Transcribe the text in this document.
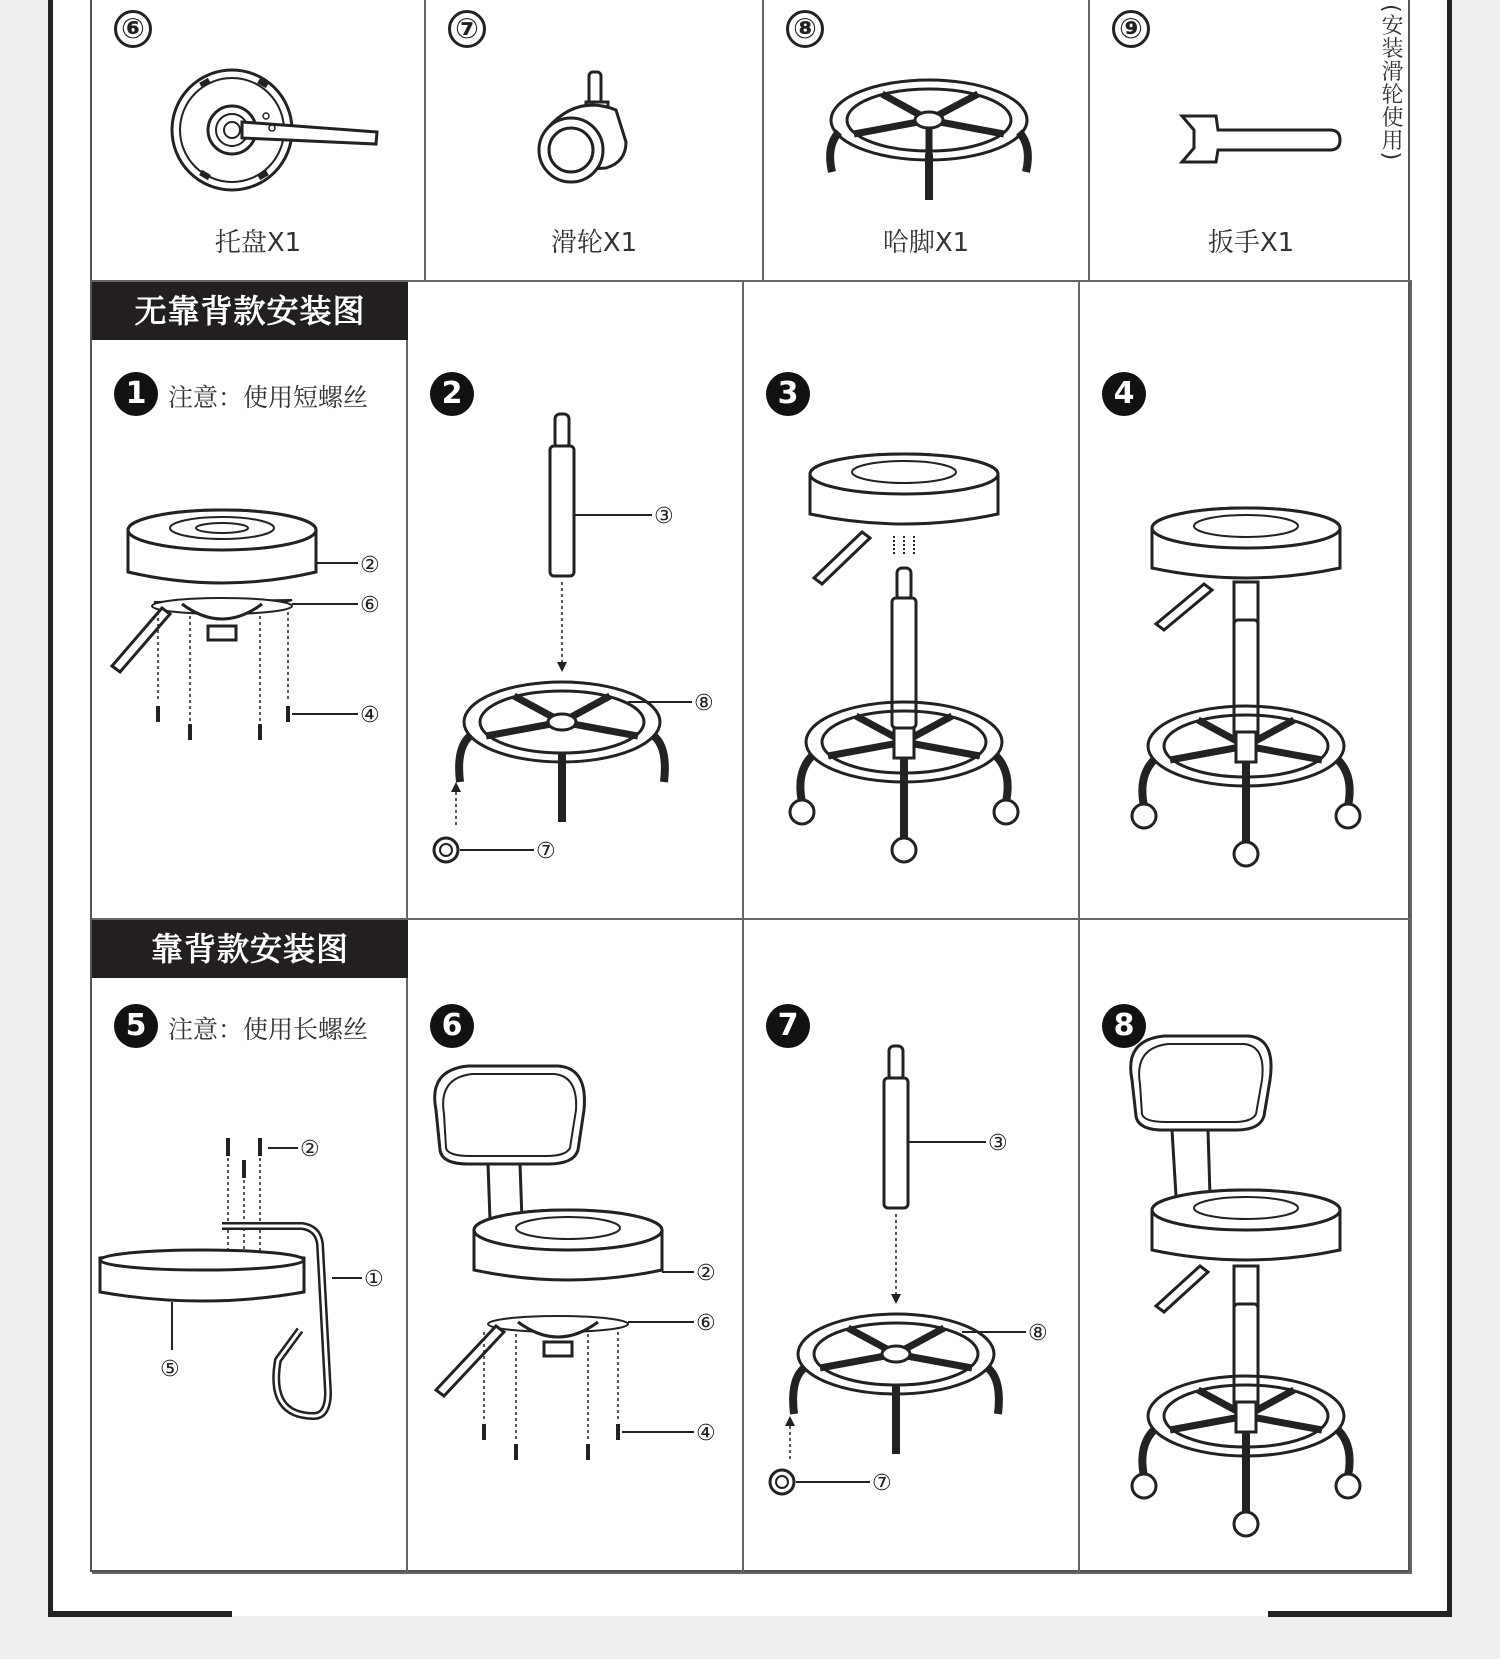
⑥
托盘X1
⑦
滑轮X1
⑧
哈脚X1
⑨	(安装滑轮使用)
扳手X1
1 注意：使用短螺丝
②
⑥
④
2
③
⑧
⑦
3	4
无靠背款安装图
5 注意：使用长螺丝
②
①
⑤
6
②
⑥
④
7
③
⑧
⑦
8
靠背款安装图
